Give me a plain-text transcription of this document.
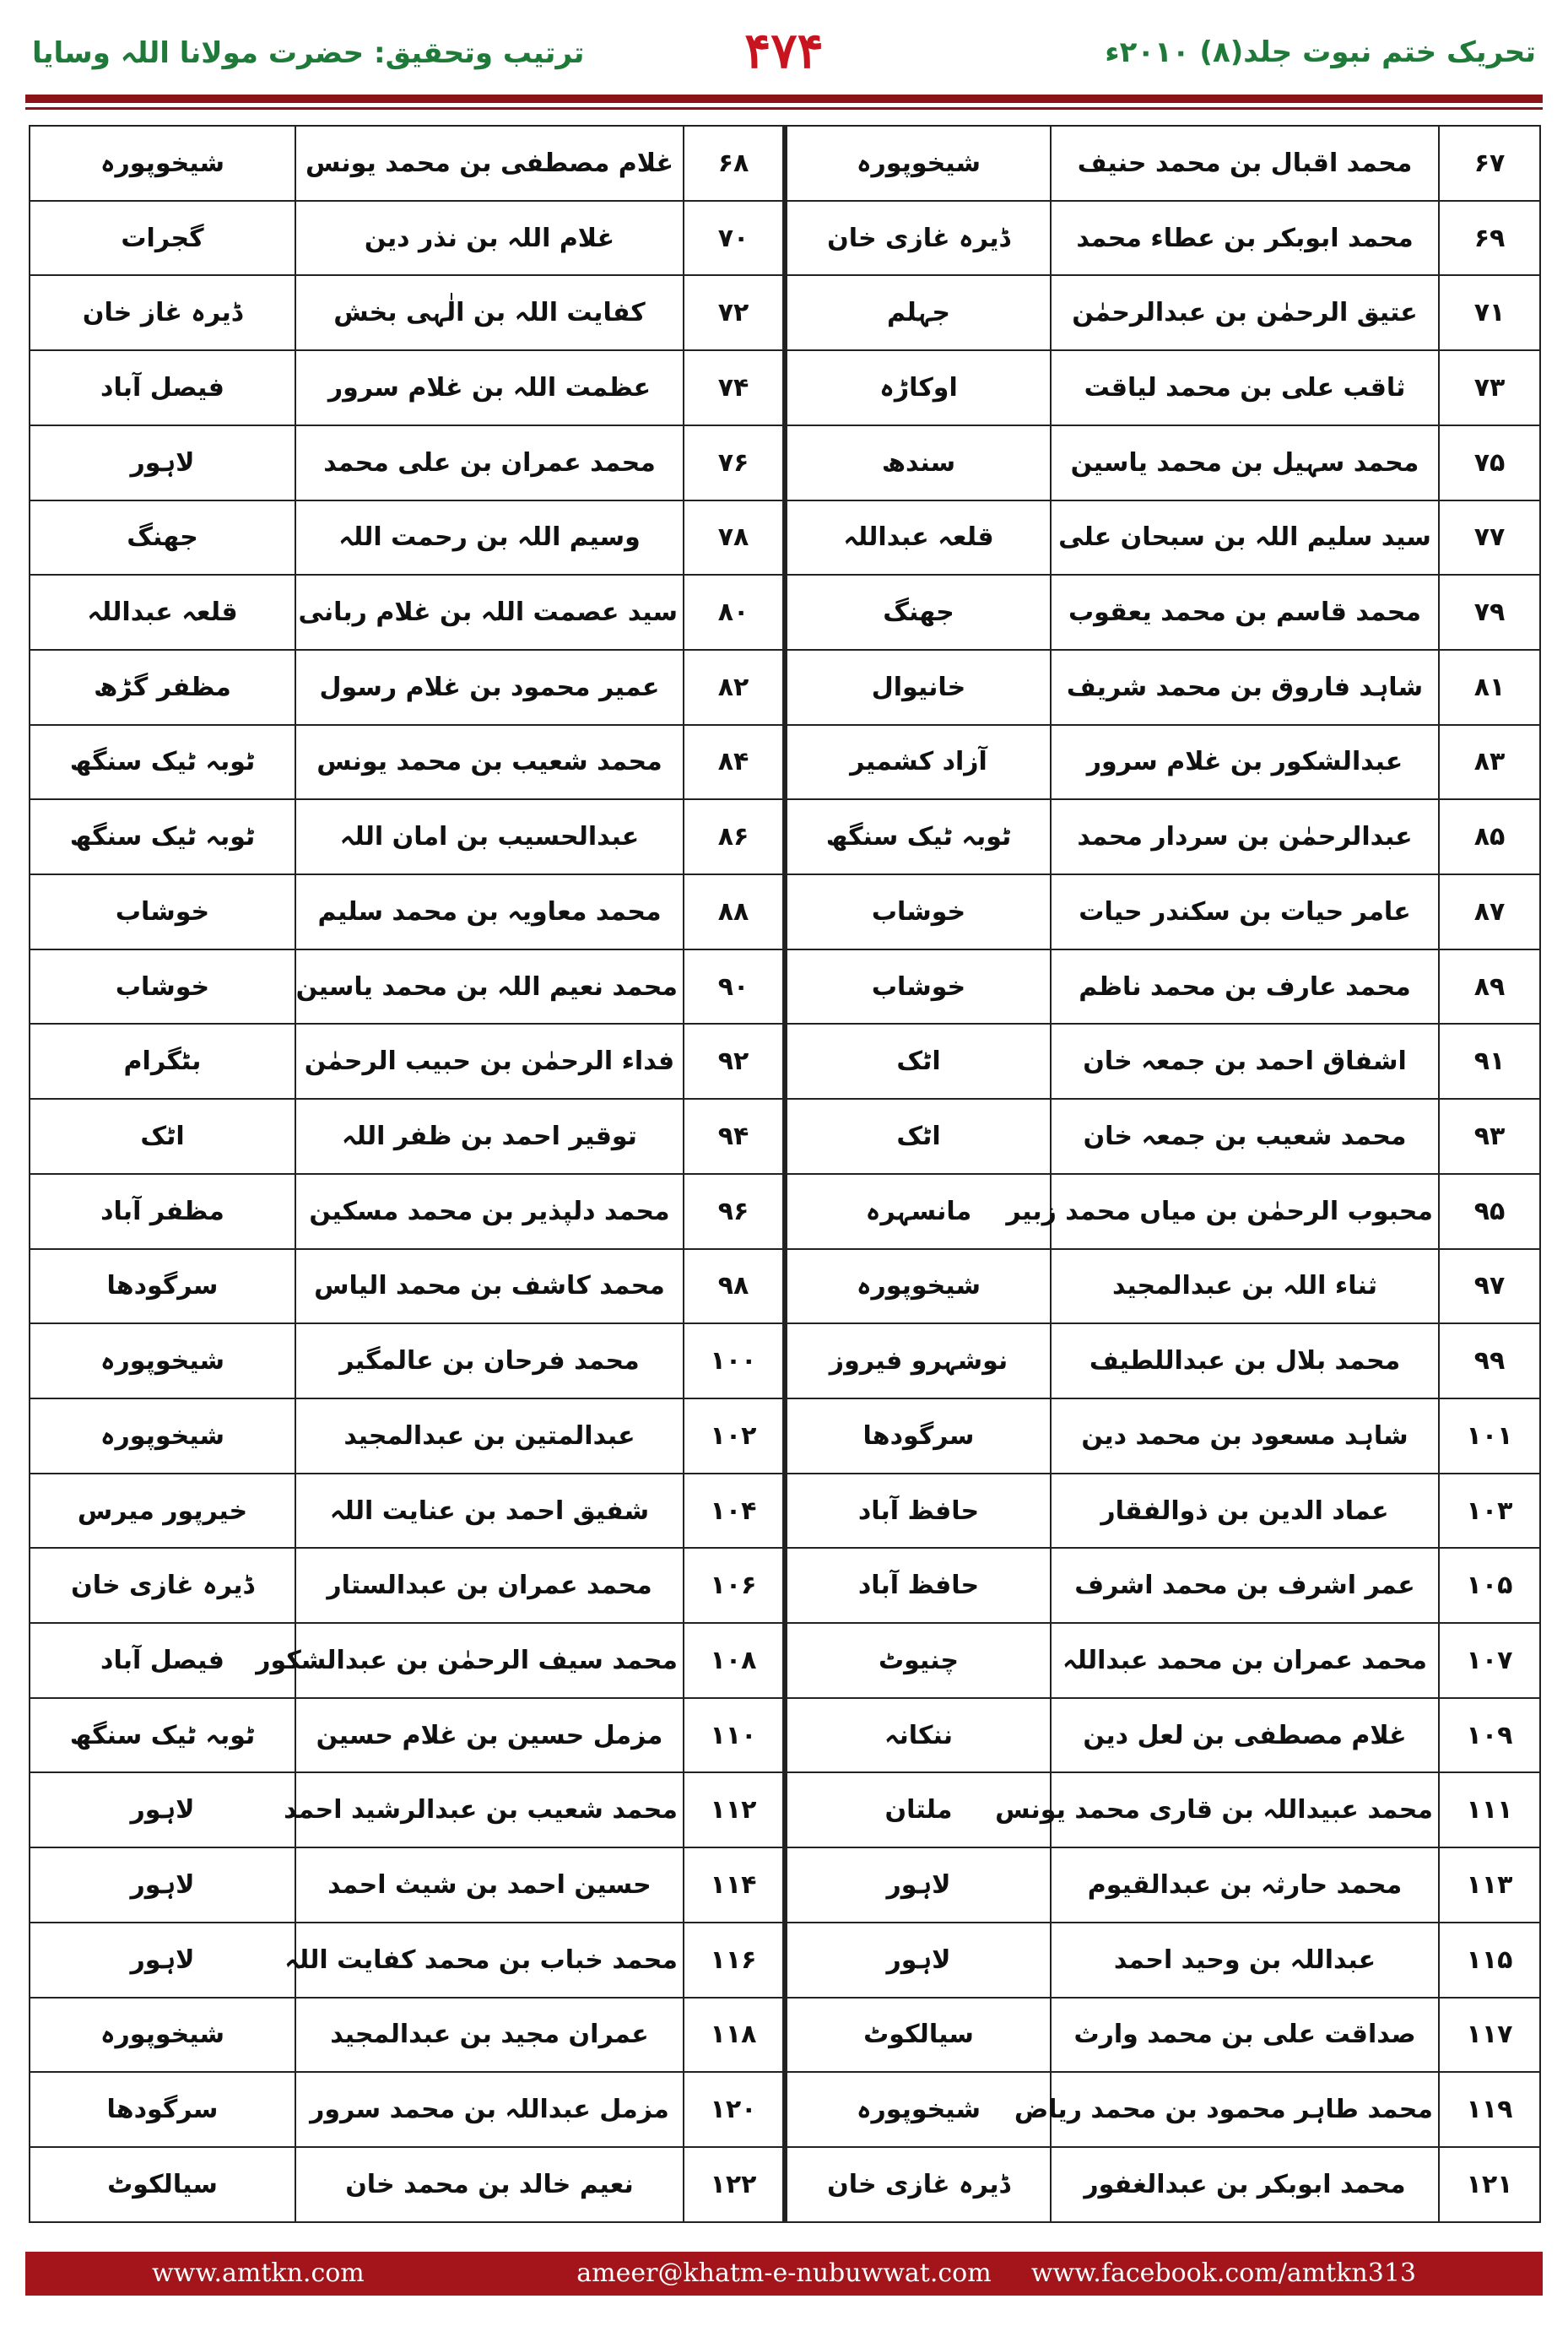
تحریک ختم نبوت جلد(۸) ۲۰۱۰ء
۴۷۴
ترتیب وتحقیق: حضرت مولانا اللہ وسایا
۶۷	محمد اقبال بن محمد حنیف	شیخوپورہ	۶۸	غلام مصطفی بن محمد یونس	شیخوپورہ
۶۹	محمد ابوبکر بن عطاء محمد	ڈیرہ غازی خان	۷۰	غلام اللہ بن نذر دین	گجرات
۷۱	عتیق الرحمٰن بن عبدالرحمٰن	جہلم	۷۲	کفایت اللہ بن الٰہی بخش	ڈیرہ غاز خان
۷۳	ثاقب علی بن محمد لیاقت	اوکاڑہ	۷۴	عظمت اللہ بن غلام سرور	فیصل آباد
۷۵	محمد سہیل بن محمد یاسین	سندھ	۷۶	محمد عمران بن علی محمد	لاہور
۷۷	سید سلیم اللہ بن سبحان علی	قلعہ عبداللہ	۷۸	وسیم اللہ بن رحمت اللہ	جھنگ
۷۹	محمد قاسم بن محمد یعقوب	جھنگ	۸۰	سید عصمت اللہ بن غلام ربانی	قلعہ عبداللہ
۸۱	شاہد فاروق بن محمد شریف	خانیوال	۸۲	عمیر محمود بن غلام رسول	مظفر گڑھ
۸۳	عبدالشکور بن غلام سرور	آزاد کشمیر	۸۴	محمد شعیب بن محمد یونس	ٹوبہ ٹیک سنگھ
۸۵	عبدالرحمٰن بن سردار محمد	ٹوبہ ٹیک سنگھ	۸۶	عبدالحسیب بن امان اللہ	ٹوبہ ٹیک سنگھ
۸۷	عامر حیات بن سکندر حیات	خوشاب	۸۸	محمد معاویہ بن محمد سلیم	خوشاب
۸۹	محمد عارف بن محمد ناظم	خوشاب	۹۰	محمد نعیم اللہ بن محمد یاسین	خوشاب
۹۱	اشفاق احمد بن جمعہ خان	اٹک	۹۲	فداء الرحمٰن بن حبیب الرحمٰن	بٹگرام
۹۳	محمد شعیب بن جمعہ خان	اٹک	۹۴	توقیر احمد بن ظفر اللہ	اٹک
۹۵	محبوب الرحمٰن بن میاں محمد زبیر	مانسہرہ	۹۶	محمد دلپذیر بن محمد مسکین	مظفر آباد
۹۷	ثناء اللہ بن عبدالمجید	شیخوپورہ	۹۸	محمد کاشف بن محمد الیاس	سرگودھا
۹۹	محمد بلال بن عبداللطیف	نوشہرو فیروز	۱۰۰	محمد فرحان بن عالمگیر	شیخوپورہ
۱۰۱	شاہد مسعود بن محمد دین	سرگودھا	۱۰۲	عبدالمتین بن عبدالمجید	شیخوپورہ
۱۰۳	عماد الدین بن ذوالفقار	حافظ آباد	۱۰۴	شفیق احمد بن عنایت اللہ	خیرپور میرس
۱۰۵	عمر اشرف بن محمد اشرف	حافظ آباد	۱۰۶	محمد عمران بن عبدالستار	ڈیرہ غازی خان
۱۰۷	محمد عمران بن محمد عبداللہ	چنیوٹ	۱۰۸	محمد سیف الرحمٰن بن عبدالشکور	فیصل آباد
۱۰۹	غلام مصطفی بن لعل دین	ننکانہ	۱۱۰	مزمل حسین بن غلام حسین	ٹوبہ ٹیک سنگھ
۱۱۱	محمد عبیداللہ بن قاری محمد یونس	ملتان	۱۱۲	محمد شعیب بن عبدالرشید احمد	لاہور
۱۱۳	محمد حارثہ بن عبدالقیوم	لاہور	۱۱۴	حسین احمد بن شیث احمد	لاہور
۱۱۵	عبداللہ بن وحید احمد	لاہور	۱۱۶	محمد خباب بن محمد کفایت اللہ	لاہور
۱۱۷	صداقت علی بن محمد وارث	سیالکوٹ	۱۱۸	عمران مجید بن عبدالمجید	شیخوپورہ
۱۱۹	محمد طاہر محمود بن محمد ریاض	شیخوپورہ	۱۲۰	مزمل عبداللہ بن محمد سرور	سرگودھا
۱۲۱	محمد ابوبکر بن عبدالغفور	ڈیرہ غازی خان	۱۲۲	نعیم خالد بن محمد خان	سیالکوٹ
www.amtkn.com	ameer@khatm-e-nubuwwat.com	www.facebook.com/amtkn313
